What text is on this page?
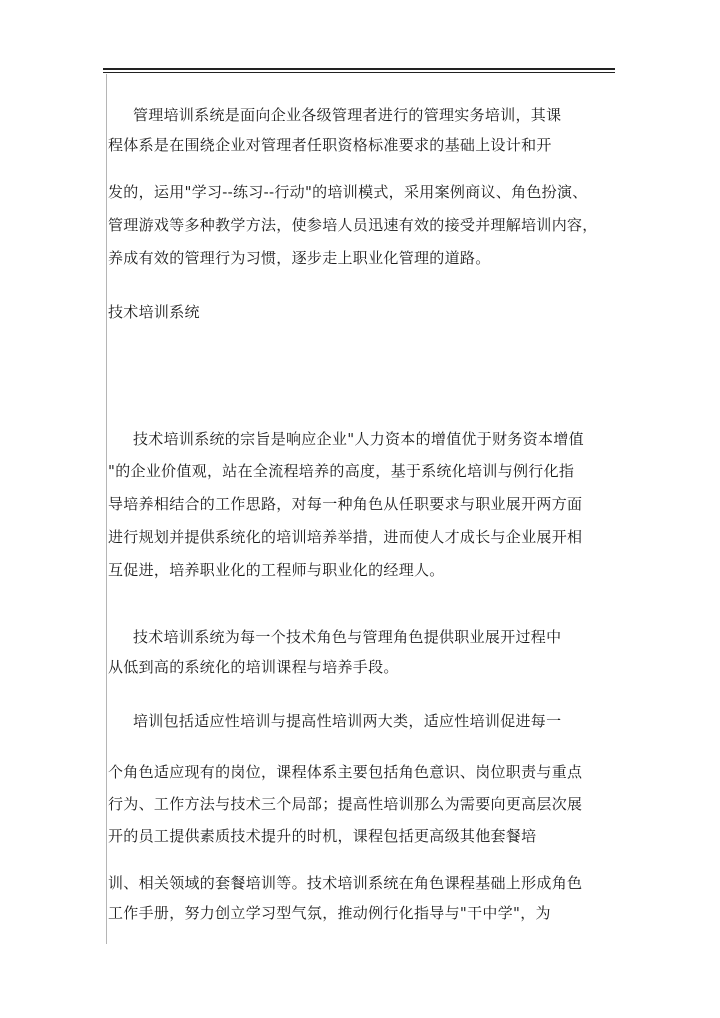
管理培训系统是面向企业各级管理者进行的管理实务培训，其课
程体系是在围绕企业对管理者任职资格标准要求的基础上设计和开
发的，运用"学习--练习--行动"的培训模式，采用案例商议、角色扮演、
管理游戏等多种教学方法，使参培人员迅速有效的接受并理解培训内容，
养成有效的管理行为习惯，逐步走上职业化管理的道路。
技术培训系统
技术培训系统的宗旨是响应企业"人力资本的增值优于财务资本增值
"的企业价值观，站在全流程培养的高度，基于系统化培训与例行化指
导培养相结合的工作思路，对每一种角色从任职要求与职业展开两方面
进行规划并提供系统化的培训培养举措，进而使人才成长与企业展开相
互促进，培养职业化的工程师与职业化的经理人。
技术培训系统为每一个技术角色与管理角色提供职业展开过程中
从低到高的系统化的培训课程与培养手段。
培训包括适应性培训与提高性培训两大类，适应性培训促进每一
个角色适应现有的岗位，课程体系主要包括角色意识、岗位职责与重点
行为、工作方法与技术三个局部；提高性培训那么为需要向更高层次展
开的员工提供素质技术提升的时机，课程包括更高级其他套餐培
训、相关领域的套餐培训等。技术培训系统在角色课程基础上形成角色
工作手册，努力创立学习型气氛，推动例行化指导与"干中学"，为
